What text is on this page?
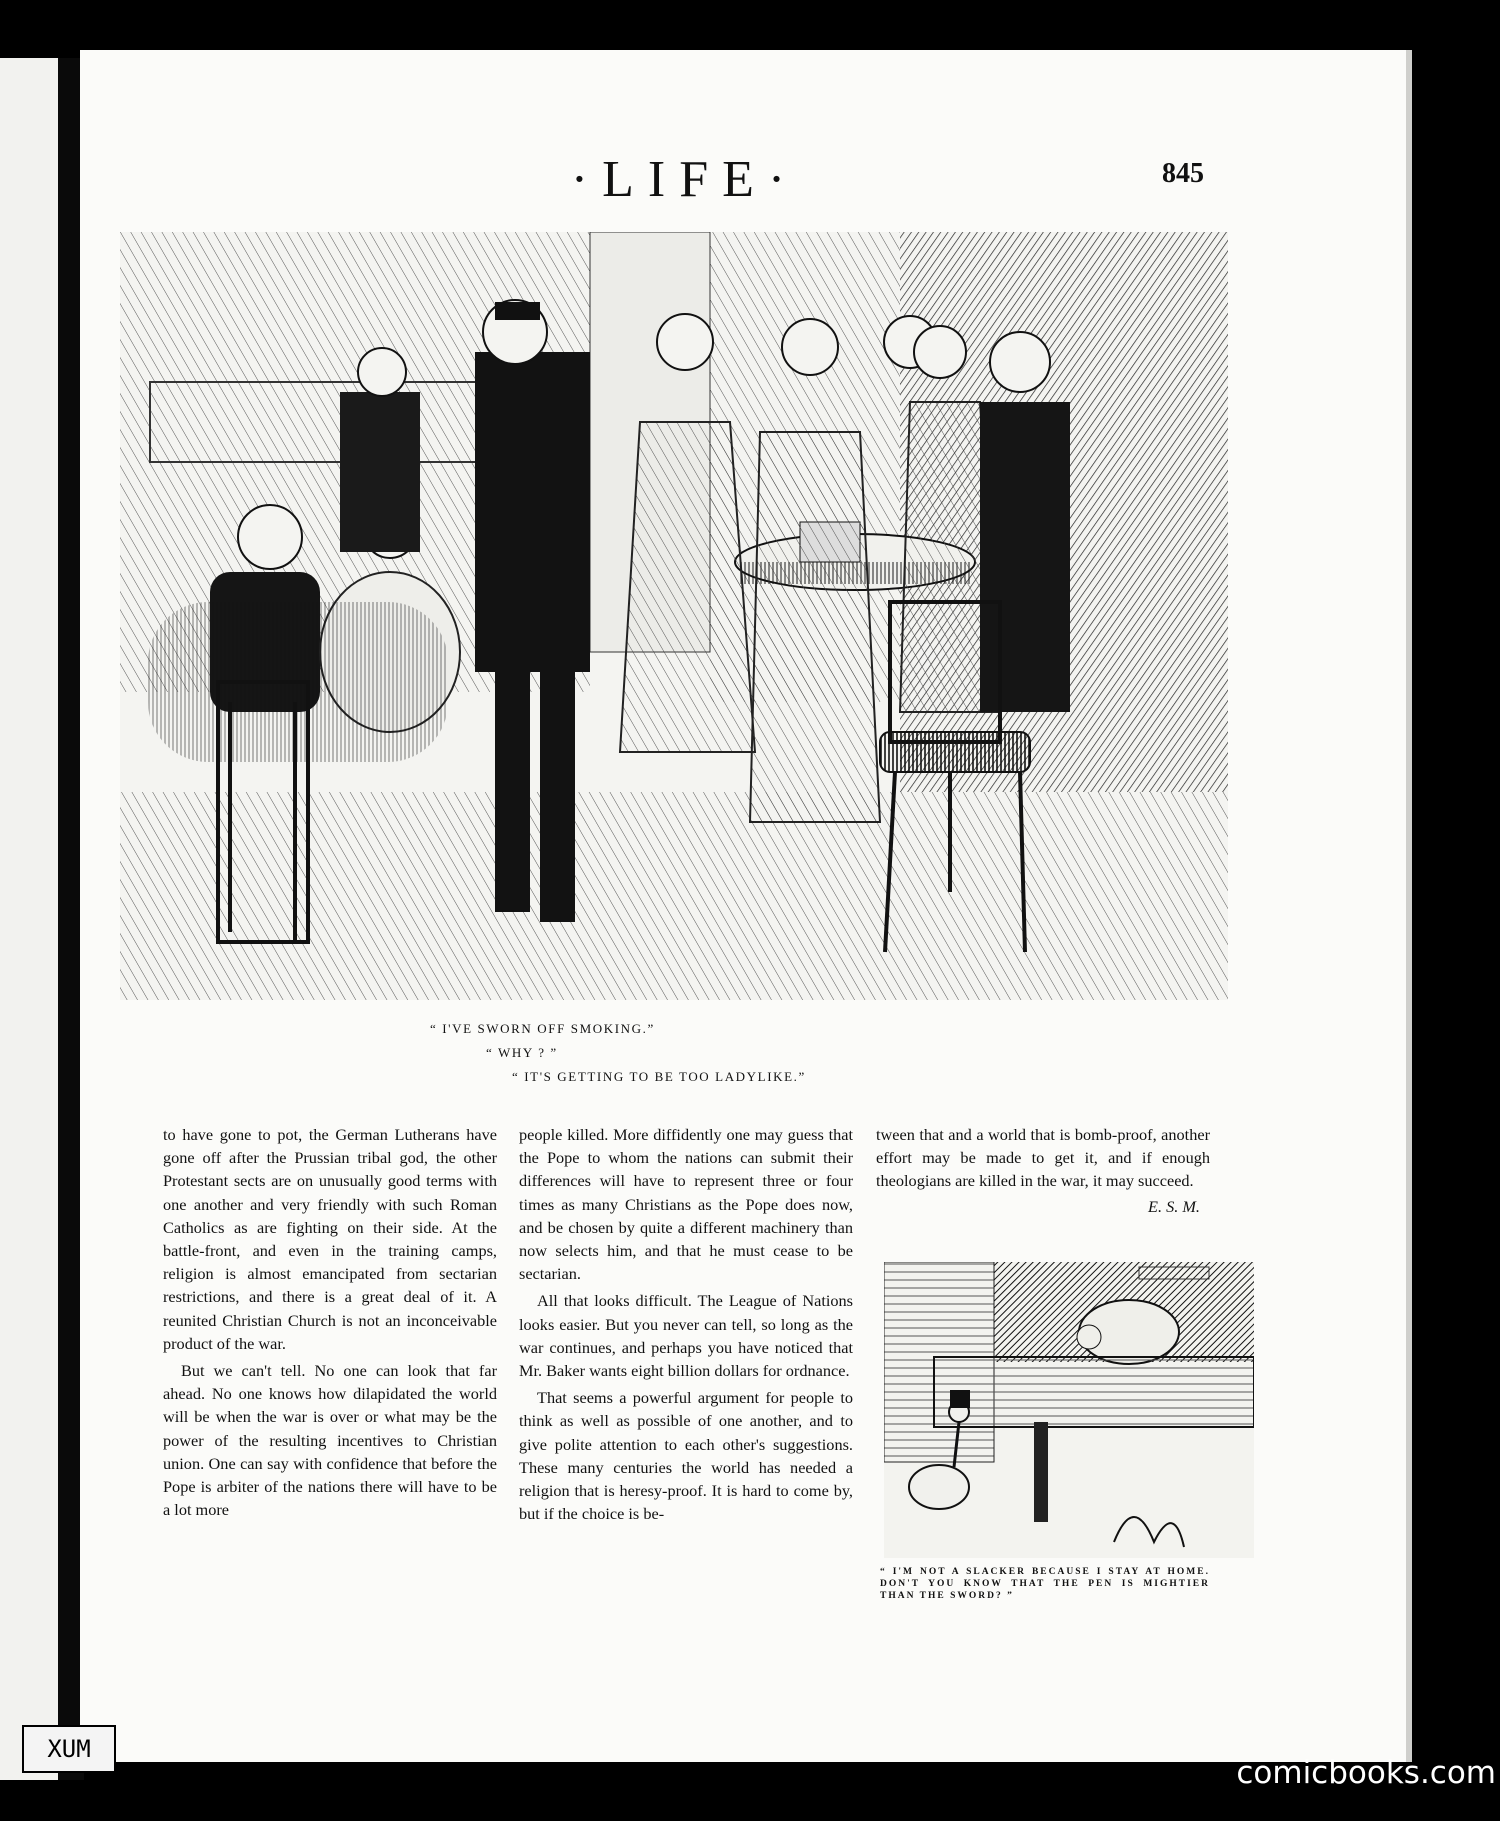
·LIFE·	845
“ I'VE SWORN OFF SMOKING.”
“ WHY ? ”
“ IT'S GETTING TO BE TOO LADYLIKE.”

to have gone to pot, the German Lutherans have gone off after the Prussian tribal god, the other Protestant sects are on unusually good terms with one another and very friendly with such Roman Catholics as are fighting on their side. At the battle-front, and even in the training camps, religion is almost emancipated from sectarian restrictions, and there is a great deal of it. A reunited Christian Church is not an inconceivable product of the war.

But we can't tell. No one can look that far ahead. No one knows how dilapidated the world will be when the war is over or what may be the power of the resulting incentives to Christian union. One can say with confidence that before the Pope is arbiter of the nations there will have to be a lot more

people killed. More diffidently one may guess that the Pope to whom the nations can submit their differences will have to represent three or four times as many Christians as the Pope does now, and be chosen by quite a different machinery than now selects him, and that he must cease to be sectarian.

All that looks difficult. The League of Nations looks easier. But you never can tell, so long as the war continues, and perhaps you have noticed that Mr. Baker wants eight billion dollars for ordnance.

That seems a powerful argument for people to think as well as possible of one another, and to give polite attention to each other's suggestions. These many centuries the world has needed a religion that is heresy-proof. It is hard to come by, but if the choice is be-

tween that and a world that is bomb-proof, another effort may be made to get it, and if enough theologians are killed in the war, it may succeed.

E. S. M.
“ I'M NOT A SLACKER BECAUSE I STAY AT HOME. DON'T YOU KNOW THAT THE PEN IS MIGHTIER THAN THE SWORD? ”
XUM
comicbooks.com
